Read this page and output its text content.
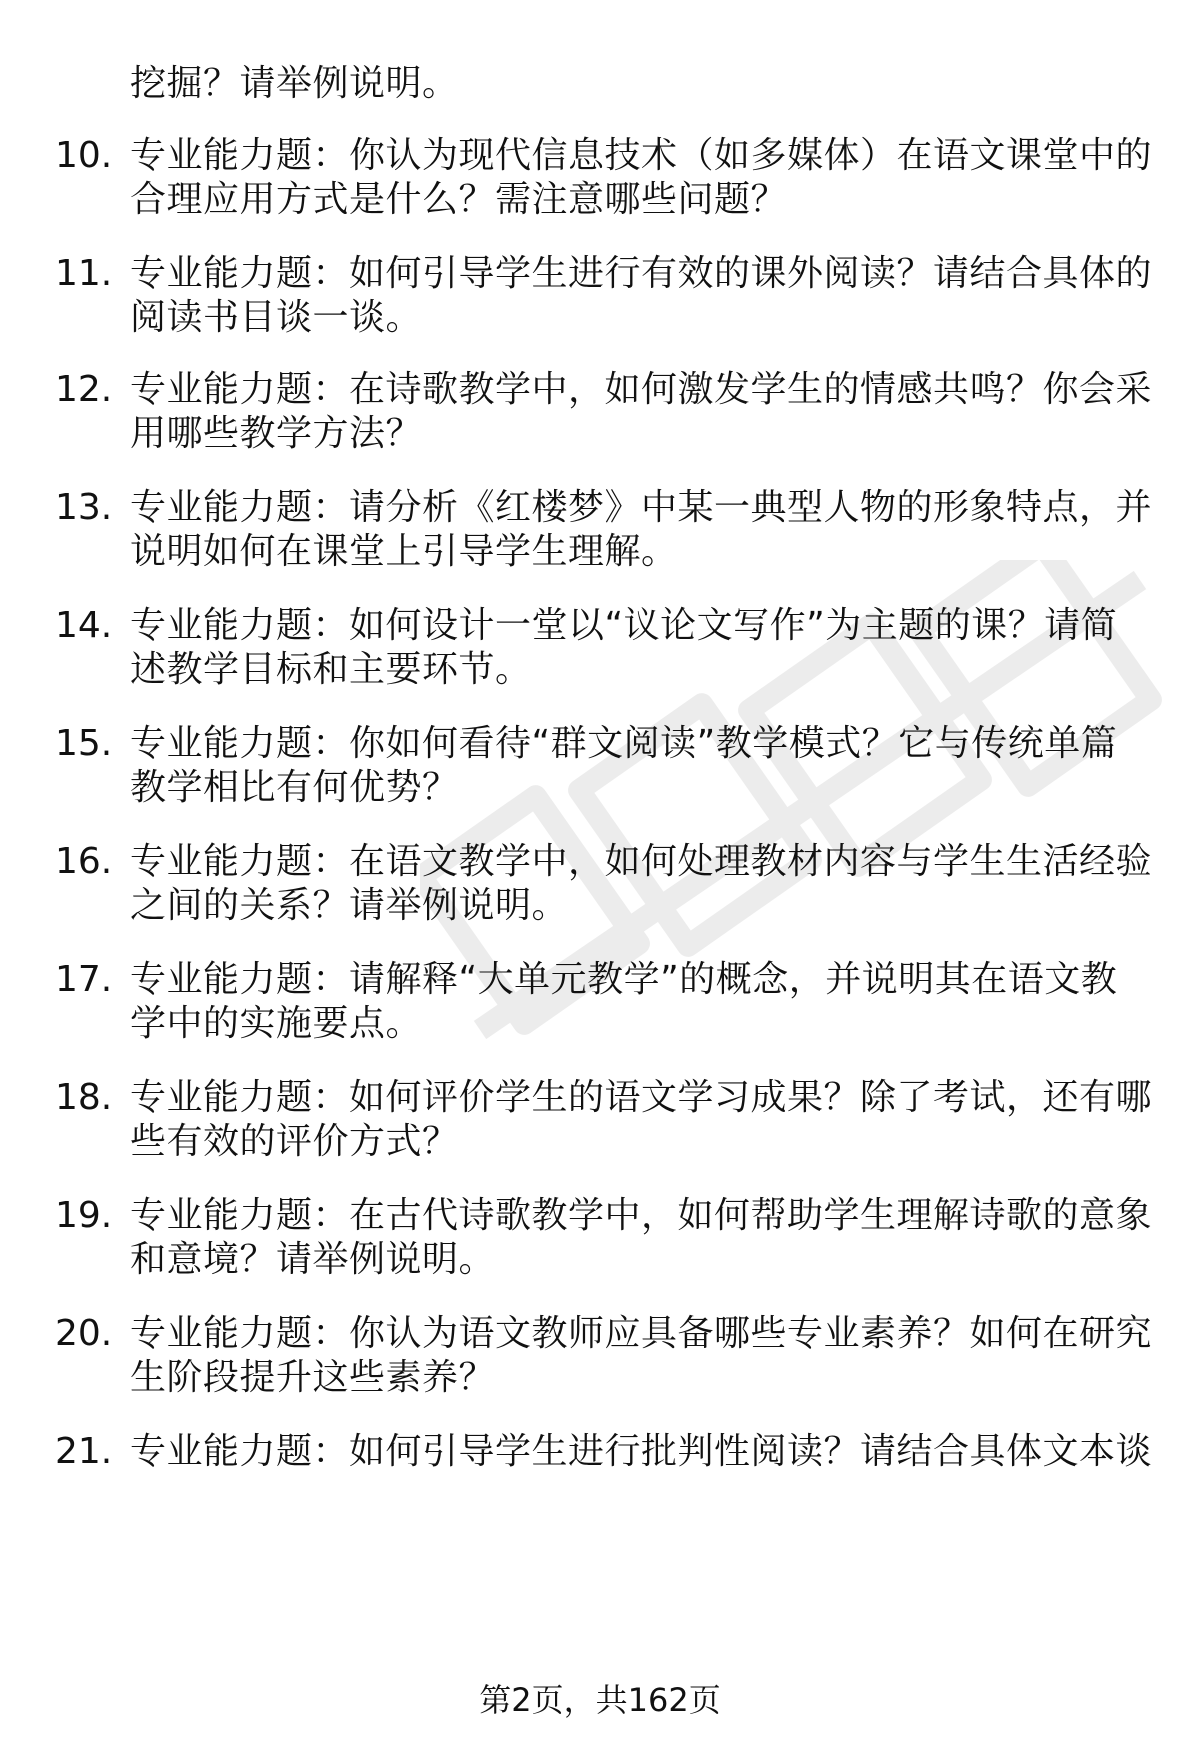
挖掘？请举例说明。
10. 专业能力题：你认为现代信息技术（如多媒体）在语文课堂中的
合理应用方式是什么？需注意哪些问题？
11. 专业能力题：如何引导学生进行有效的课外阅读？请结合具体的
阅读书目谈一谈。
12. 专业能力题：在诗歌教学中，如何激发学生的情感共鸣？你会采
用哪些教学方法？
13. 专业能力题：请分析《红楼梦》中某一典型人物的形象特点，并
说明如何在课堂上引导学生理解。
14. 专业能力题：如何设计一堂以“议论文写作”为主题的课？请简
述教学目标和主要环节。
15. 专业能力题：你如何看待“群文阅读”教学模式？它与传统单篇
教学相比有何优势？
16. 专业能力题：在语文教学中，如何处理教材内容与学生生活经验
之间的关系？请举例说明。
17. 专业能力题：请解释“大单元教学”的概念，并说明其在语文教
学中的实施要点。
18. 专业能力题：如何评价学生的语文学习成果？除了考试，还有哪
些有效的评价方式？
19. 专业能力题：在古代诗歌教学中，如何帮助学生理解诗歌的意象
和意境？请举例说明。
20. 专业能力题：你认为语文教师应具备哪些专业素养？如何在研究
生阶段提升这些素养？
21. 专业能力题：如何引导学生进行批判性阅读？请结合具体文本谈
第2页，共162页
